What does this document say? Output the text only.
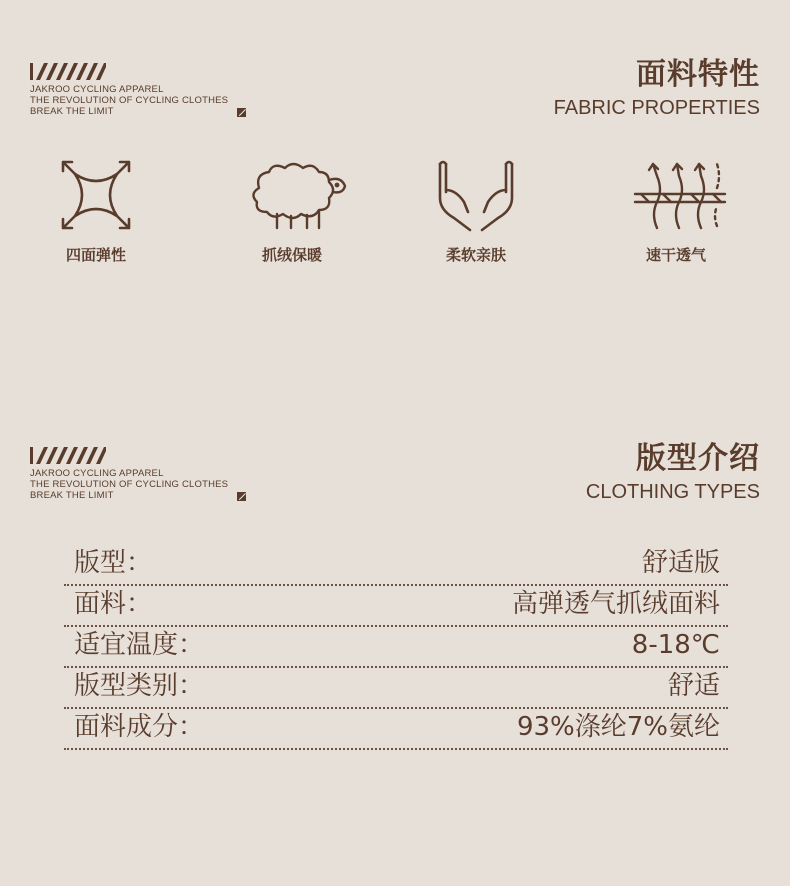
JAKROO CYCLING APPAREL
THE REVOLUTION OF CYCLING CLOTHES
BREAK THE LIMIT
面料特性
FABRIC PROPERTIES
四面弹性	抓绒保暖	柔软亲肤	速干透气
JAKROO CYCLING APPAREL
THE REVOLUTION OF CYCLING CLOTHES
BREAK THE LIMIT
版型介绍
CLOTHING TYPES
版型：	舒适版
面料：	高弹透气抓绒面料
适宜温度：	8-18℃
版型类别：	舒适
面料成分：	93%涤纶7%氨纶
